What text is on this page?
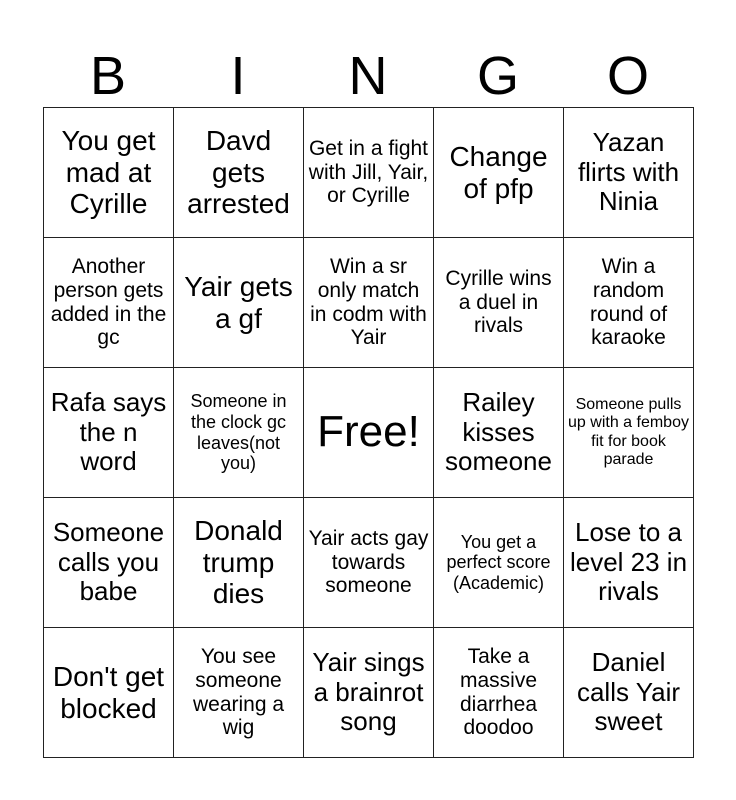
B	I	N	G	O
You get mad at Cyrille	Davd gets arrested	Get in a fight with Jill, Yair, or Cyrille	Change of pfp	Yazan flirts with Ninia
Another person gets added in the gc	Yair gets a gf	Win a sr only match in codm with Yair	Cyrille wins a duel in rivals	Win a random round of karaoke
Rafa says the n word	Someone in the clock gc leaves(not you)	Free!	Railey kisses someone	Someone pulls up with a femboy fit for book parade
Someone calls you babe	Donald trump dies	Yair acts gay towards someone	You get a perfect score (Academic)	Lose to a level 23 in rivals
Don't get blocked	You see someone wearing a wig	Yair sings a brainrot song	Take a massive diarrhea doodoo	Daniel calls Yair sweet
